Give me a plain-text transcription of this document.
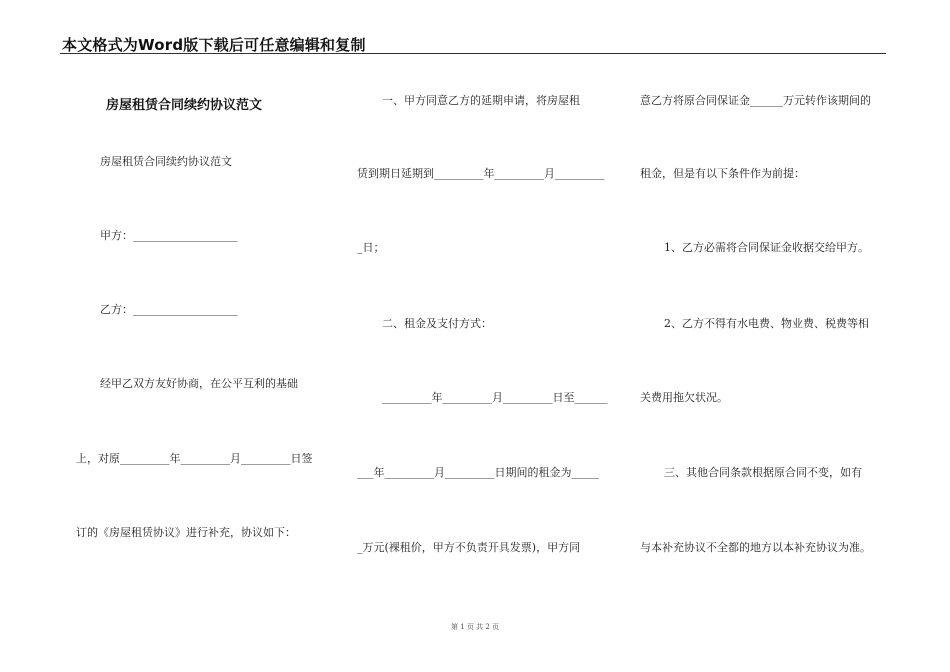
本文格式为Word版下载后可任意编辑和复制
房屋租赁合同续约协议范文
房屋租赁合同续约协议范文
甲方：___________________
乙方：___________________
经甲乙双方友好协商，在公平互利的基础
上，对原_________年_________月_________日签
订的《房屋租赁协议》进行补充，协议如下：
一、甲方同意乙方的延期申请，将房屋租
赁到期日延期到_________年_________月_________
_日；
二、租金及支付方式：
_________年_________月_________日至______
___年_________月_________日期间的租金为_____
_万元(裸租价，甲方不负责开具发票)，甲方同
意乙方将原合同保证金______万元转作该期间的
租金，但是有以下条件作为前提：
1、乙方必需将合同保证金收据交给甲方。
2、乙方不得有水电费、物业费、税费等相
关费用拖欠状况。
三、其他合同条款根据原合同不变，如有
与本补充协议不全都的地方以本补充协议为准。
第 1 页 共 2 页
